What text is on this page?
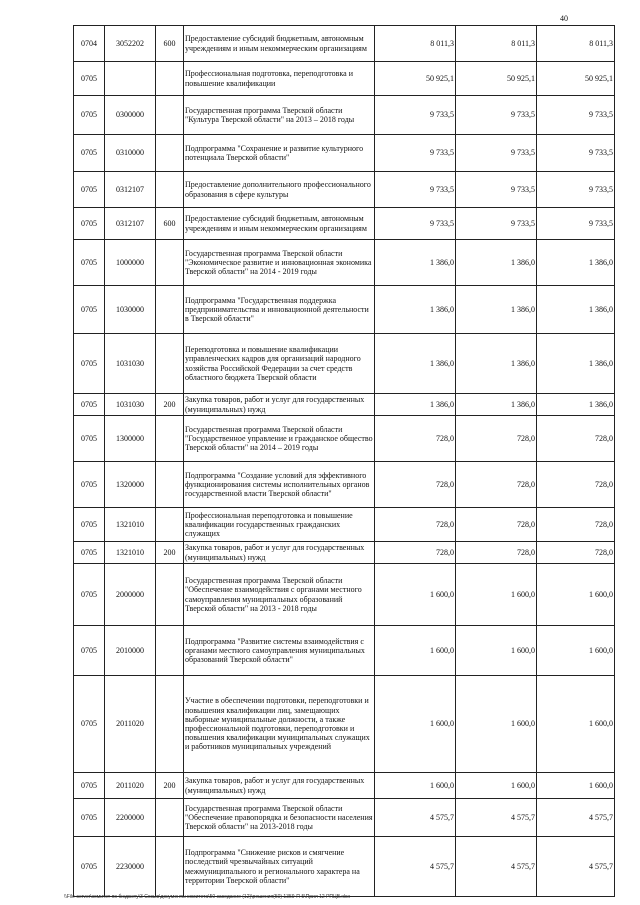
40
0704	3052202	600	Предоставление субсидий бюджетным, автономным учреждениям и иным некоммерческим организациям	8 011,3	8 011,3	8 011,3
0705			Профессиональная подготовка, переподготовка и повышение квалификации	50 925,1	50 925,1	50 925,1
0705	0300000		Государственная программа Тверской области "Культура Тверской области" на 2013 – 2018 годы	9 733,5	9 733,5	9 733,5
0705	0310000		Подпрограмма "Сохранение и развитие культурного потенциала Тверской области"	9 733,5	9 733,5	9 733,5
0705	0312107		Предоставление дополнительного профессионального образования в сфере культуры	9 733,5	9 733,5	9 733,5
0705	0312107	600	Предоставление субсидий бюджетным, автономным учреждениям и иным некоммерческим организациям	9 733,5	9 733,5	9 733,5
0705	1000000		Государственная программа Тверской области "Экономическое развитие и инновационная экономика Тверской области" на 2014 - 2019 годы	1 386,0	1 386,0	1 386,0
0705	1030000		Подпрограмма "Государственная поддержка предпринимательства и инновационной деятельности в Тверской области"	1 386,0	1 386,0	1 386,0
0705	1031030		Переподготовка и повышение квалификации управленческих кадров для организаций народного хозяйства Российской Федерации за счет средств областного бюджета Тверской области	1 386,0	1 386,0	1 386,0
0705	1031030	200	Закупка товаров, работ и услуг для государственных (муниципальных) нужд	1 386,0	1 386,0	1 386,0
0705	1300000		Государственная программа Тверской области "Государственное управление и гражданское общество Тверской области" на 2014 – 2019 годы	728,0	728,0	728,0
0705	1320000		Подпрограмма "Создание условий для эффективного функционирования системы исполнительных органов государственной власти Тверской области"	728,0	728,0	728,0
0705	1321010		Профессиональная переподготовка и повышение квалификации государственных гражданских служащих	728,0	728,0	728,0
0705	1321010	200	Закупка товаров, работ и услуг для государственных (муниципальных) нужд	728,0	728,0	728,0
0705	2000000		Государственная программа Тверской области "Обеспечение взаимодействия с органами местного самоуправления муниципальных образований Тверской области" на 2013 - 2018 годы	1 600,0	1 600,0	1 600,0
0705	2010000		Подпрограмма "Развитие системы взаимодействия с органами местного самоуправления муниципальных образований Тверской области"	1 600,0	1 600,0	1 600,0
0705	2011020		Участие в обеспечении подготовки, переподготовки и повышения квалификации лиц, замещающих выборные муниципальные должности, а также профессиональной подготовки, переподготовки и повышения квалификации муниципальных служащих и работников муниципальных учреждений	1 600,0	1 600,0	1 600,0
0705	2011020	200	Закупка товаров, работ и услуг для государственных (муниципальных) нужд	1 600,0	1 600,0	1 600,0
0705	2200000		Государственная программа Тверской области "Обеспечение правопорядка и безопасности населения Тверской области" на 2013-2018 годы	4 575,7	4 575,7	4 575,7
0705	2230000		Подпрограмма "Снижение рисков и смягчение последствий чрезвычайных ситуаций межмуниципального и регионального характера на территории Тверской области"	4 575,7	4 575,7	4 575,7
\\File-server\комитет по бюджету\3 Созыв\документы комитета\50 заседание (12)\решения(50) 1359-П-5\Прил 12 РПЦВ.xlsx
